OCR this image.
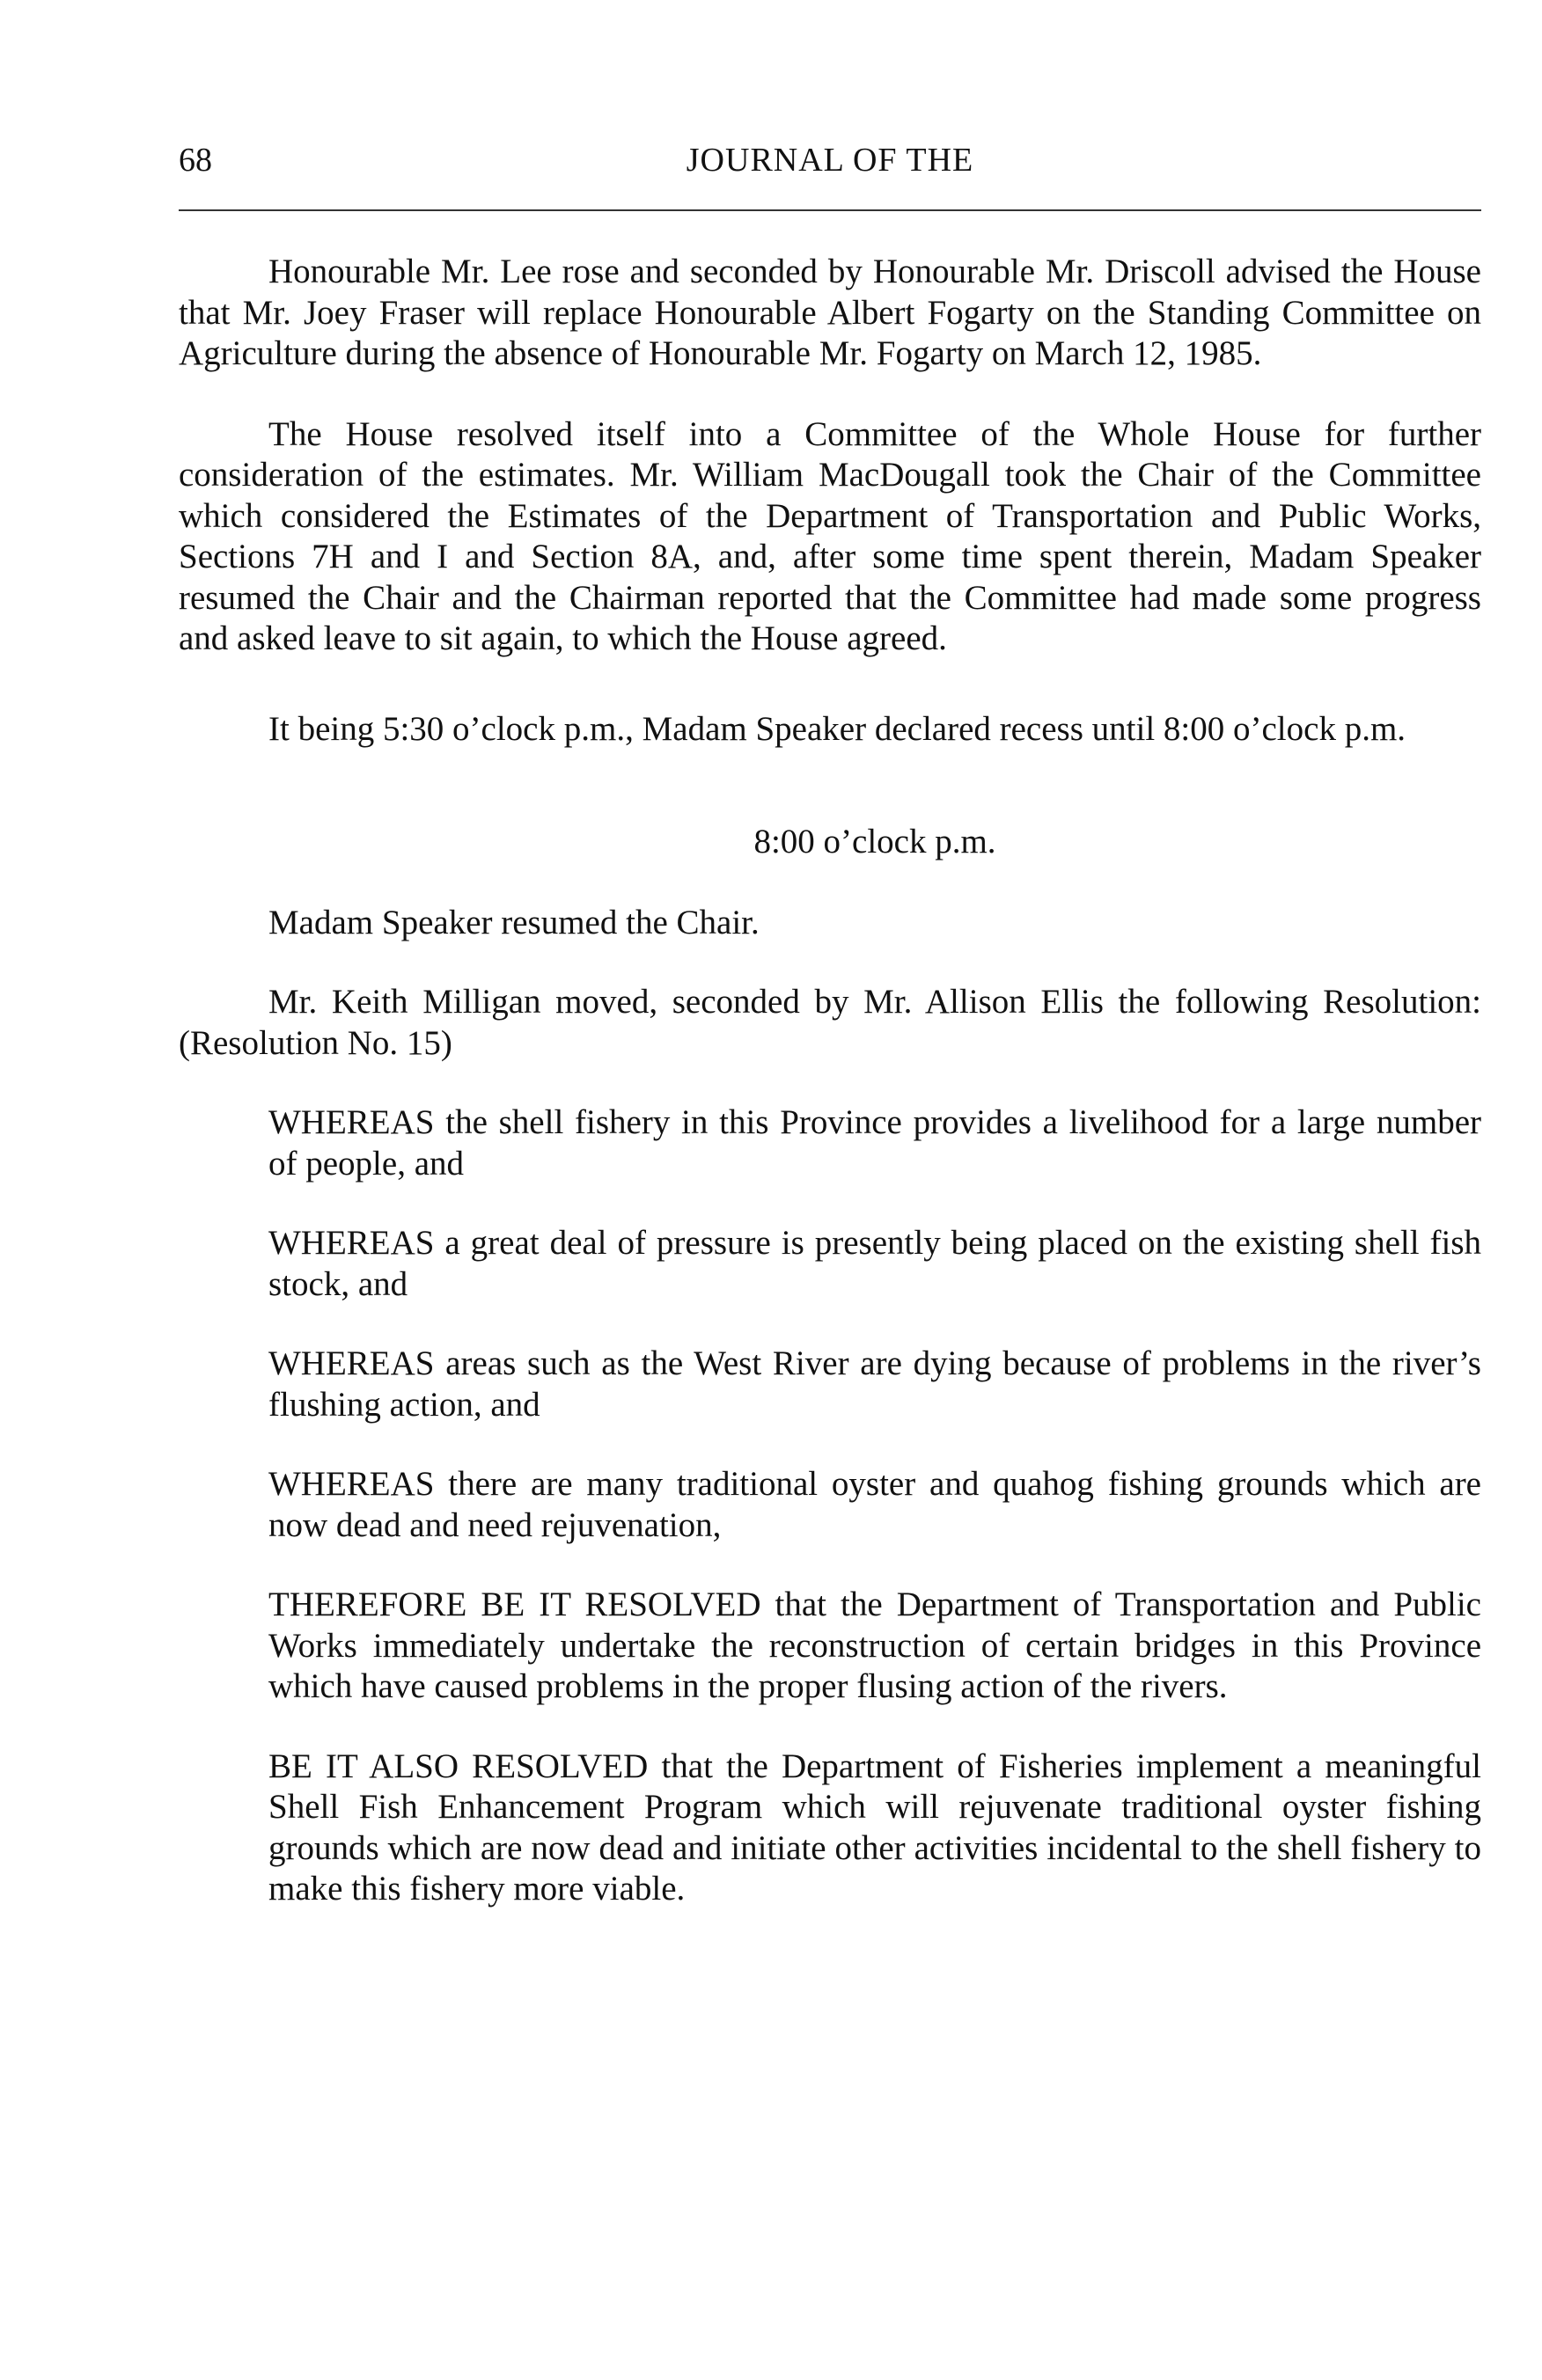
68	JOURNAL OF THE

Honourable Mr. Lee rose and seconded by Honourable Mr. Driscoll advised the House that Mr. Joey Fraser will replace Honourable Albert Fogarty on the Standing Committee on Agriculture during the absence of Honourable Mr. Fogarty on March 12, 1985.

The House resolved itself into a Committee of the Whole House for further consideration of the estimates. Mr. William MacDougall took the Chair of the Committee which considered the Estimates of the Department of Transportation and Public Works, Sections 7H and I and Section 8A, and, after some time spent therein, Madam Speaker resumed the Chair and the Chairman reported that the Committee had made some progress and asked leave to sit again, to which the House agreed.

It being 5:30 o’clock p.m., Madam Speaker declared recess until 8:00 o’clock p.m.

8:00 o’clock p.m.

Madam Speaker resumed the Chair.

Mr. Keith Milligan moved, seconded by Mr. Allison Ellis the following Resolution: (Resolution No. 15)

WHEREAS the shell fishery in this Province provides a livelihood for a large number of people, and

WHEREAS a great deal of pressure is presently being placed on the existing shell fish stock, and

WHEREAS areas such as the West River are dying because of problems in the river’s flushing action, and

WHEREAS there are many traditional oyster and quahog fishing grounds which are now dead and need rejuvenation,

THEREFORE BE IT RESOLVED that the Department of Transportation and Public Works immediately undertake the reconstruction of certain bridges in this Province which have caused problems in the proper flusing action of the rivers.

BE IT ALSO RESOLVED that the Department of Fisheries implement a meaningful Shell Fish Enhancement Program which will rejuvenate traditional oyster fishing grounds which are now dead and initiate other activities incidental to the shell fishery to make this fishery more viable.
